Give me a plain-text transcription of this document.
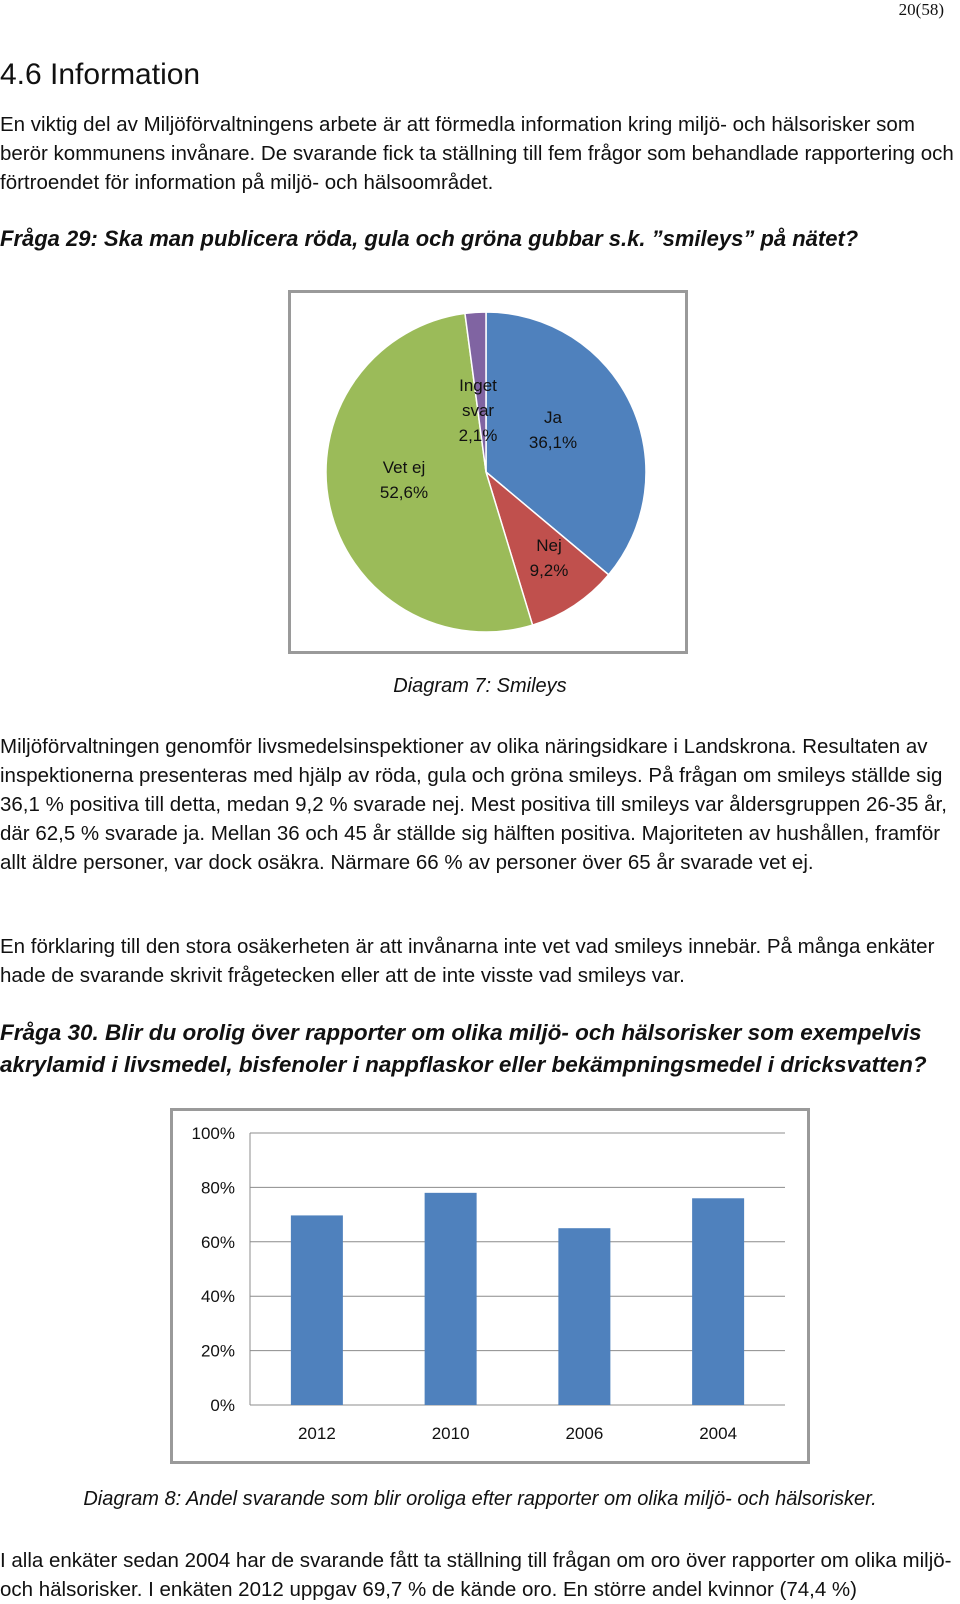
20(58)
4.6 Information

En viktig del av Miljöförvaltningens arbete är att förmedla information kring miljö- och hälsorisker som berör kommunens invånare. De svarande fick ta ställning till fem frågor som behandlade rapportering och förtroendet för information på miljö- och hälsoområdet.

Fråga 29: Ska man publicera röda, gula och gröna gubbar s.k. ”smileys” på nätet?

Ja 36,1%
Nej 9,2%
Vet ej 52,6%
Inget svar 2,1%

Diagram 7: Smileys

Miljöförvaltningen genomför livsmedelsinspektioner av olika näringsidkare i Landskrona. Resultaten av inspektionerna presenteras med hjälp av röda, gula och gröna smileys. På frågan om smileys ställde sig 36,1 % positiva till detta, medan 9,2 % svarade nej. Mest positiva till smileys var åldersgruppen 26-35 år, där 62,5 % svarade ja. Mellan 36 och 45 år ställde sig hälften positiva. Majoriteten av hushållen, framför allt äldre personer, var dock osäkra. Närmare 66 % av personer över 65 år svarade vet ej.

En förklaring till den stora osäkerheten är att invånarna inte vet vad smileys innebär. På många enkäter hade de svarande skrivit frågetecken eller att de inte visste vad smileys var.

Fråga 30. Blir du orolig över rapporter om olika miljö- och hälsorisker som exempelvis akrylamid i livsmedel, bisfenoler i nappflaskor eller bekämpningsmedel i dricksvatten?

0%
20%
40%
60%
80%
100%
2012	2010	2006	2004

Diagram 8: Andel svarande som blir oroliga efter rapporter om olika miljö- och hälsorisker.

I alla enkäter sedan 2004 har de svarande fått ta ställning till frågan om oro över rapporter om olika miljö- och hälsorisker. I enkäten 2012 uppgav 69,7 % de kände oro. En större andel kvinnor (74,4 %)
